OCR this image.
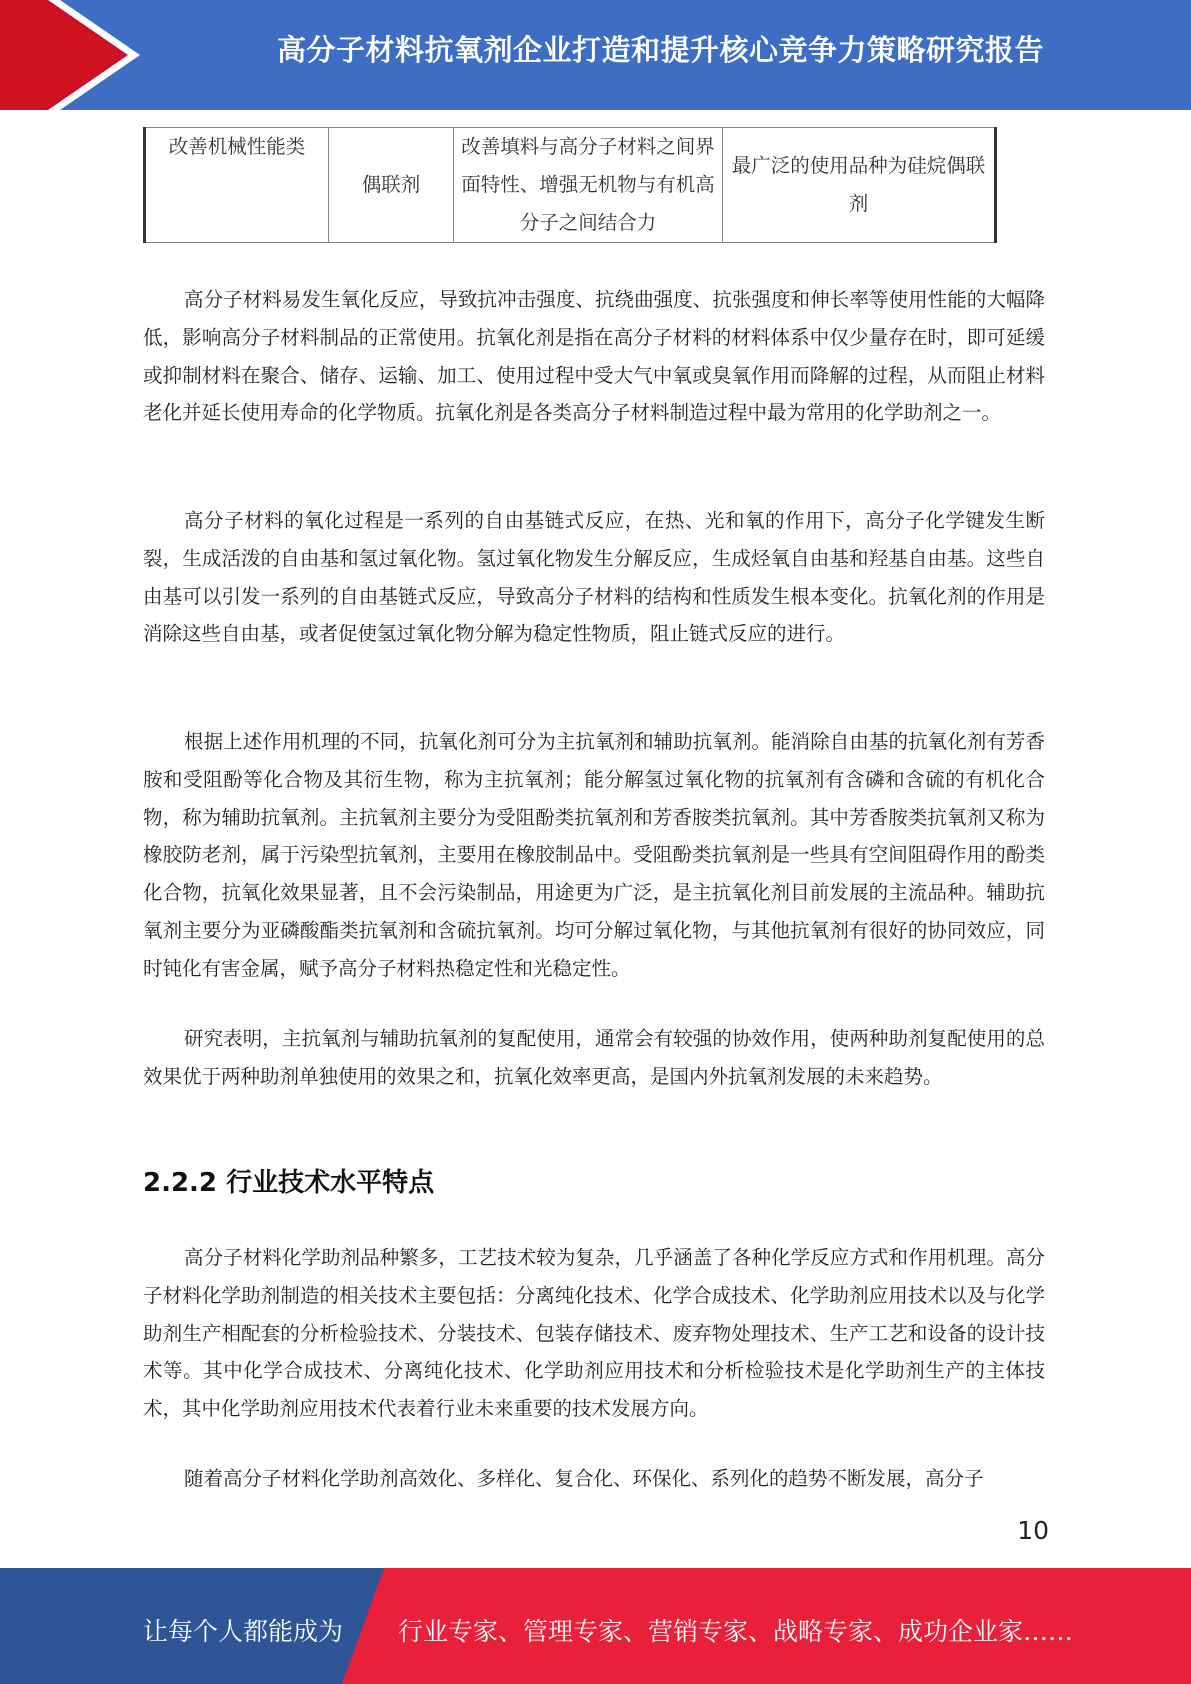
高分子材料抗氧剂企业打造和提升核心竞争力策略研究报告
改善机械性能类	偶联剂	改善填料与高分子材料之间界面特性、增强无机物与有机高分子之间结合力	最广泛的使用品种为硅烷偶联剂

高分子材料易发生氧化反应，导致抗冲击强度、抗绕曲强度、抗张强度和伸长率等使用性能的大幅降低，影响高分子材料制品的正常使用。抗氧化剂是指在高分子材料的材料体系中仅少量存在时，即可延缓或抑制材料在聚合、储存、运输、加工、使用过程中受大气中氧或臭氧作用而降解的过程，从而阻止材料老化并延长使用寿命的化学物质。抗氧化剂是各类高分子材料制造过程中最为常用的化学助剂之一。

高分子材料的氧化过程是一系列的自由基链式反应，在热、光和氧的作用下，高分子化学键发生断裂，生成活泼的自由基和氢过氧化物。氢过氧化物发生分解反应，生成烃氧自由基和羟基自由基。这些自由基可以引发一系列的自由基链式反应，导致高分子材料的结构和性质发生根本变化。抗氧化剂的作用是消除这些自由基，或者促使氢过氧化物分解为稳定性物质，阻止链式反应的进行。

根据上述作用机理的不同，抗氧化剂可分为主抗氧剂和辅助抗氧剂。能消除自由基的抗氧化剂有芳香胺和受阻酚等化合物及其衍生物，称为主抗氧剂；能分解氢过氧化物的抗氧剂有含磷和含硫的有机化合物，称为辅助抗氧剂。主抗氧剂主要分为受阻酚类抗氧剂和芳香胺类抗氧剂。其中芳香胺类抗氧剂又称为橡胶防老剂，属于污染型抗氧剂，主要用在橡胶制品中。受阻酚类抗氧剂是一些具有空间阻碍作用的酚类化合物，抗氧化效果显著，且不会污染制品，用途更为广泛，是主抗氧化剂目前发展的主流品种。辅助抗氧剂主要分为亚磷酸酯类抗氧剂和含硫抗氧剂。均可分解过氧化物，与其他抗氧剂有很好的协同效应，同时钝化有害金属，赋予高分子材料热稳定性和光稳定性。

研究表明，主抗氧剂与辅助抗氧剂的复配使用，通常会有较强的协效作用，使两种助剂复配使用的总效果优于两种助剂单独使用的效果之和，抗氧化效率更高，是国内外抗氧剂发展的未来趋势。

2.2.2 行业技术水平特点

高分子材料化学助剂品种繁多，工艺技术较为复杂，几乎涵盖了各种化学反应方式和作用机理。高分子材料化学助剂制造的相关技术主要包括：分离纯化技术、化学合成技术、化学助剂应用技术以及与化学助剂生产相配套的分析检验技术、分装技术、包装存储技术、废弃物处理技术、生产工艺和设备的设计技术等。其中化学合成技术、分离纯化技术、化学助剂应用技术和分析检验技术是化学助剂生产的主体技术，其中化学助剂应用技术代表着行业未来重要的技术发展方向。

随着高分子材料化学助剂高效化、多样化、复合化、环保化、系列化的趋势不断发展，高分子

10
让每个人都能成为 行业专家、管理专家、营销专家、战略专家、成功企业家……
